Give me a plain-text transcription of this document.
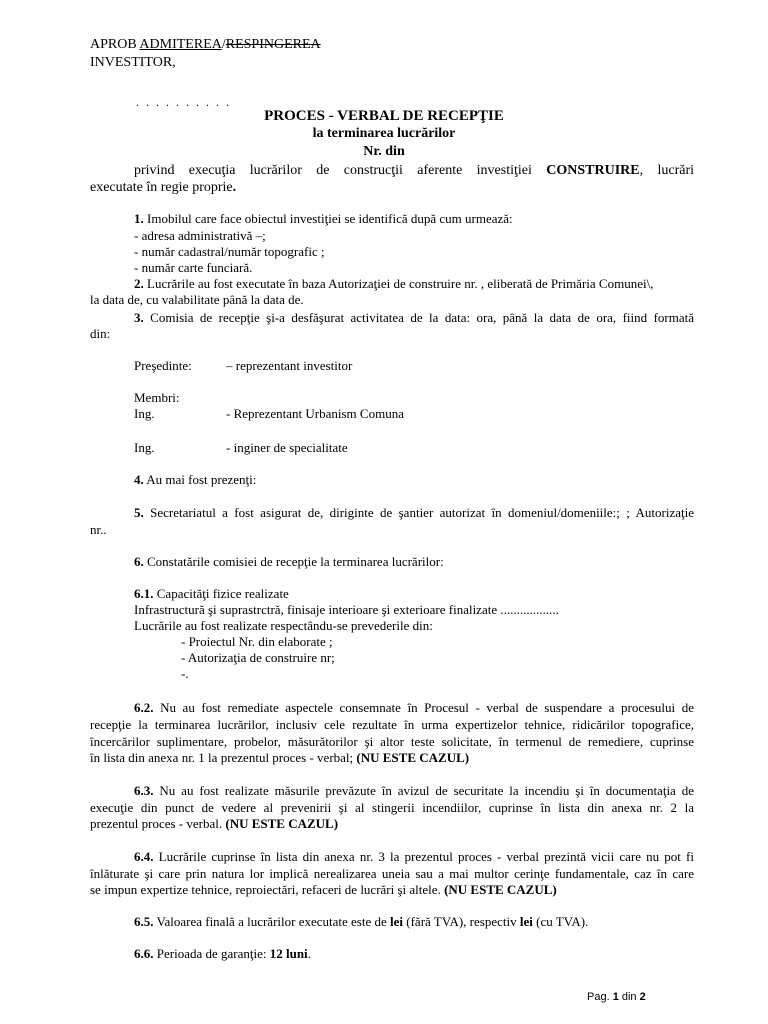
APROB ADMITEREA/RESPINGEREA
INVESTITOR,
. . . . . . . . . .
PROCES - VERBAL DE RECEPŢIE
la terminarea lucrărilor
Nr. din
privind execuţia lucrărilor de construcţii aferente investiţiei CONSTRUIRE, lucrări
executate în regie proprie.
1. Imobilul care face obiectul investiţiei se identifică după cum urmează:
- adresa administrativă –;
- număr cadastral/număr topografic ;
- număr carte funciară.
2. Lucrările au fost executate în baza Autorizaţiei de construire nr. , eliberată de Primăria Comunei\,
la data de, cu valabilitate până la data de.
3. Comisia de recepţie şi-a desfăşurat activitatea de la data: ora, până la data de ora, fiind formată
din:
Preşedinte:	– reprezentant investitor
Membri:
Ing.	- Reprezentant Urbanism Comuna
Ing.	- inginer de specialitate
4. Au mai fost prezenţi:
5. Secretariatul a fost asigurat de, diriginte de şantier autorizat în domeniul/domeniile:; ; Autorizaţie
nr..
6. Constatările comisiei de recepţie la terminarea lucrărilor:
6.1. Capacităţi fizice realizate
Infrastructură şi suprastrctră, finisaje interioare şi exterioare finalizate ..................
Lucrările au fost realizate respectându-se prevederile din:
- Proiectul Nr. din elaborate ;
- Autorizaţia de construire nr;
-.
6.2. Nu au fost remediate aspectele consemnate în Procesul - verbal de suspendare a procesului de
recepţie la terminarea lucrărilor, inclusiv cele rezultate în urma expertizelor tehnice, ridicărilor topografice,
încercărilor suplimentare, probelor, măsurătorilor şi altor teste solicitate, în termenul de remediere, cuprinse
în lista din anexa nr. 1 la prezentul proces - verbal; (NU ESTE CAZUL)
6.3. Nu au fost realizate măsurile prevăzute în avizul de securitate la incendiu şi în documentaţia de
execuţie din punct de vedere al prevenirii şi al stingerii incendiilor, cuprinse în lista din anexa nr. 2 la
prezentul proces - verbal. (NU ESTE CAZUL)
6.4. Lucrările cuprinse în lista din anexa nr. 3 la prezentul proces - verbal prezintă vicii care nu pot fi
înlăturate şi care prin natura lor implică nerealizarea uneia sau a mai multor cerinţe fundamentale, caz în care
se impun expertize tehnice, reproiectări, refaceri de lucrări şi altele. (NU ESTE CAZUL)
6.5. Valoarea finală a lucrărilor executate este de lei (fără TVA), respectiv lei (cu TVA).
6.6. Perioada de garanţie: 12 luni.
Pag. 1 din 2
